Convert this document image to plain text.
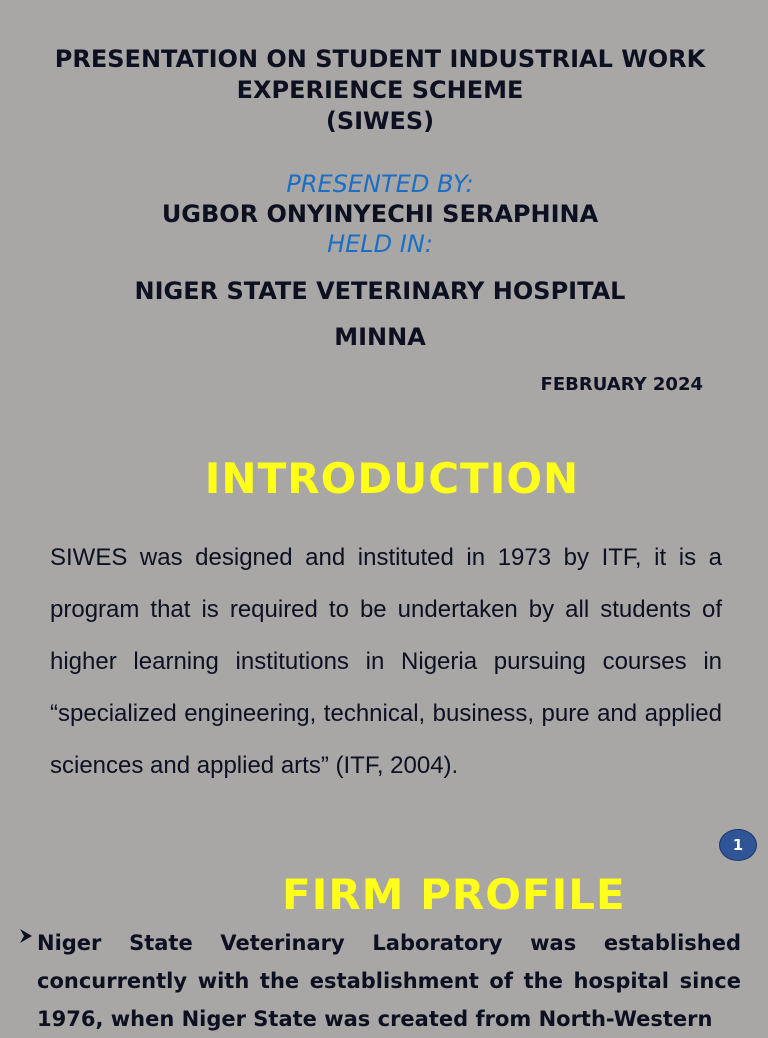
PRESENTATION ON STUDENT INDUSTRIAL WORK
EXPERIENCE SCHEME
(SIWES)
PRESENTED BY:
UGBOR ONYINYECHI SERAPHINA
HELD IN:
NIGER STATE VETERINARY HOSPITAL
MINNA
FEBRUARY 2024
INTRODUCTION
SIWES was designed and instituted in 1973 by ITF, it is a program that is required to be undertaken by all students of higher learning institutions in Nigeria pursuing courses in “specialized engineering, technical, business, pure and applied sciences and applied arts” (ITF, 2004).
1
FIRM PROFILE
Niger State Veterinary Laboratory was established concurrently with the establishment of the hospital since 1976, when Niger State was created from North-Western
